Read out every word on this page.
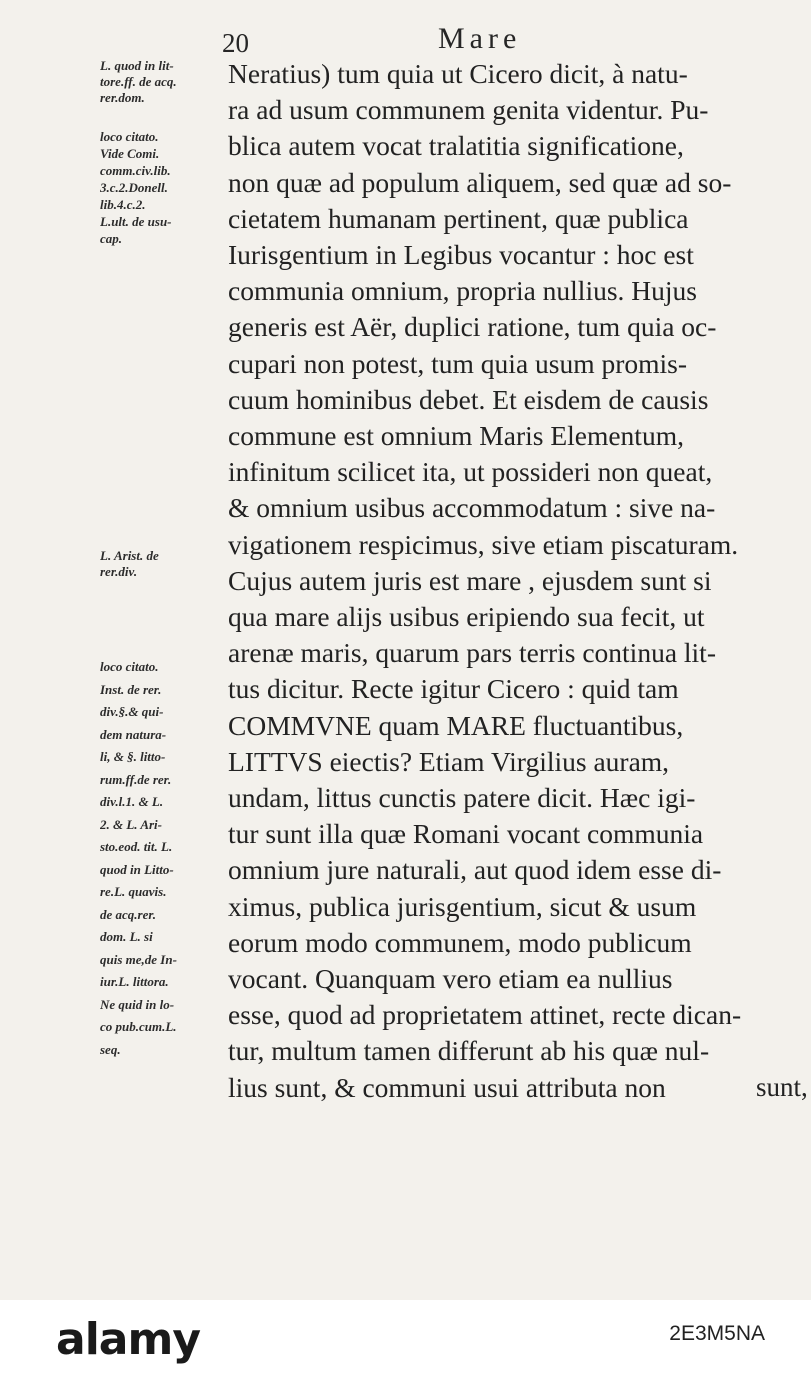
20	Mare
L. quod in lit-
tore.ff. de acq.
rer.dom.
loco citato.
Vide Comi.
comm.civ.lib.
3.c.2.Donell.
lib.4.c.2.
L.ult. de usu-
cap.
L. Arist. de
rer.div.
loco citato.
Inst. de rer.
div.§.& qui-
dem natura-
li, & §. litto-
rum.ff.de rer.
div.l.1. & L.
2. & L. Ari-
sto.eod. tit. L.
quod in Litto-
re.L. quavis.
de acq.rer.
dom. L. si
quis me,de In-
iur.L. littora.
Ne quid in lo-
co pub.cum.L.
seq.
Neratius) tum quia ut Cicero dicit, à natu-
ra ad usum communem genita videntur. Pu-
blica autem vocat tralatitia significatione,
non quæ ad populum aliquem, sed quæ ad so-
cietatem humanam pertinent, quæ publica
Iurisgentium in Legibus vocantur : hoc est
communia omnium, propria nullius. Hujus
generis est Aër, duplici ratione, tum quia oc-
cupari non potest, tum quia usum promis-
cuum hominibus debet. Et eisdem de causis
commune est omnium Maris Elementum,
infinitum scilicet ita, ut possideri non queat,
& omnium usibus accommodatum : sive na-
vigationem respicimus, sive etiam piscaturam.
Cujus autem juris est mare , ejusdem sunt si
qua mare alijs usibus eripiendo sua fecit, ut
arenæ maris, quarum pars terris continua lit-
tus dicitur. Recte igitur Cicero : quid tam
COMMVNE quam MARE fluctuantibus,
LITTVS eiectis? Etiam Virgilius auram,
undam, littus cunctis patere dicit. Hæc igi-
tur sunt illa quæ Romani vocant communia
omnium jure naturali, aut quod idem esse di-
ximus, publica jurisgentium, sicut & usum
eorum modo communem, modo publicum
vocant. Quanquam vero etiam ea nullius
esse, quod ad proprietatem attinet, recte dican-
tur, multum tamen differunt ab his quæ nul-
lius sunt, & communi usui attributa non	sunt,
alamy	2E3M5NA
